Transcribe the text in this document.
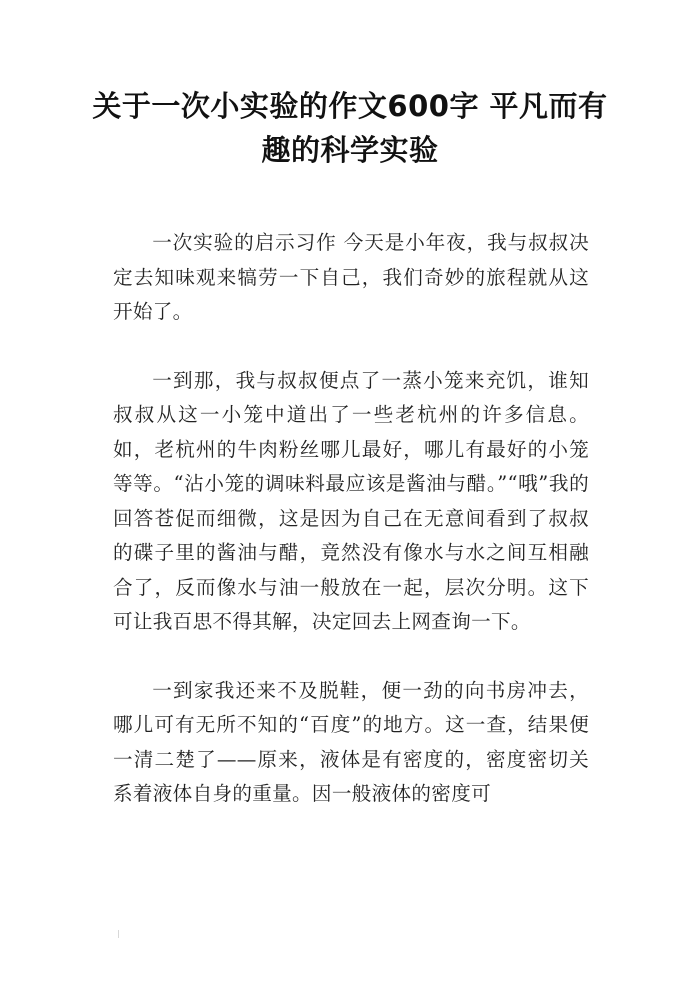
关于一次小实验的作文600字 平凡而有趣的科学实验

一次实验的启示习作 今天是小年夜，我与叔叔决定去知味观来犒劳一下自己，我们奇妙的旅程就从这开始了。

一到那，我与叔叔便点了一蒸小笼来充饥，谁知叔叔从这一小笼中道出了一些老杭州的许多信息。如，老杭州的牛肉粉丝哪儿最好，哪儿有最好的小笼等等。“沾小笼的调味料最应该是酱油与醋。”“哦”我的回答苍促而细微，这是因为自己在无意间看到了叔叔的碟子里的酱油与醋，竟然没有像水与水之间互相融合了，反而像水与油一般放在一起，层次分明。这下可让我百思不得其解，决定回去上网查询一下。

一到家我还来不及脱鞋，便一劲的向书房冲去，哪儿可有无所不知的“百度”的地方。这一查，结果便一清二楚了——原来，液体是有密度的，密度密切关系着液体自身的重量。因一般液体的密度可
